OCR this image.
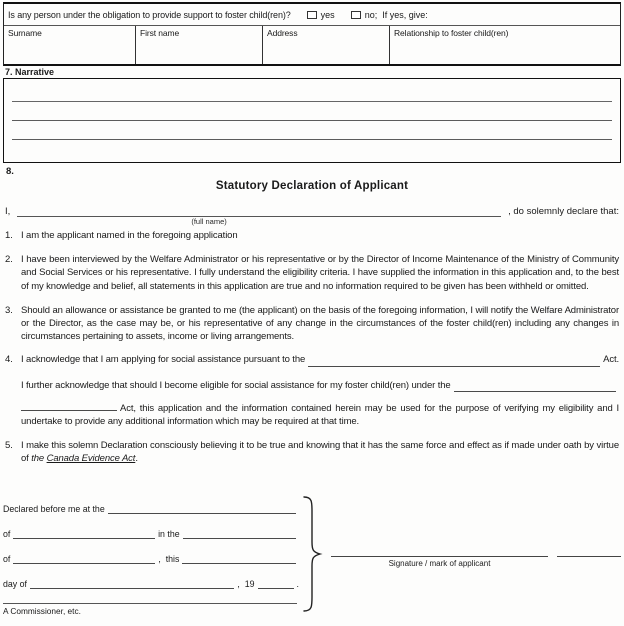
Is any person under the obligation to provide support to foster child(ren)?	yes	no;  If yes, give:
Surname	First name	Address	Relationship to foster child(ren)
7. Narrative
8.
Statutory Declaration of Applicant
I,
(full name)
, do solemnly declare that:
1. I am the applicant named in the foregoing application
2. I have been interviewed by the Welfare Administrator or his representative or by the Director of Income Maintenance of the Ministry of Community and Social Services or his representative. I fully understand the eligibility criteria. I have supplied the information in this application and, to the best of my knowledge and belief, all statements in this application are true and no information required to be given has been withheld or omitted.
3. Should an allowance or assistance be granted to me (the applicant) on the basis of the foregoing information, I will notify the Welfare Administrator or the Director, as the case may be, or his representative of any change in the circumstances of the foster child(ren) including any changes in circumstances pertaining to assets, income or living arrangements.
4. I acknowledge that I am applying for social assistance pursuant to the	Act.
I further acknowledge that should I become eligible for social assistance for my foster child(ren) under the
Act, this application and the information contained herein may be used for the purpose of verifying my eligibility and I undertake to provide any additional information which may be required at that time.
5. I make this solemn Declaration consciously believing it to be true and knowing that it has the same force and effect as if made under oath by virtue of the Canada Evidence Act.
Declared before me at the
of	in the
of	,  this
day of	,  19	.
A Commissioner, etc.
Signature / mark of applicant
